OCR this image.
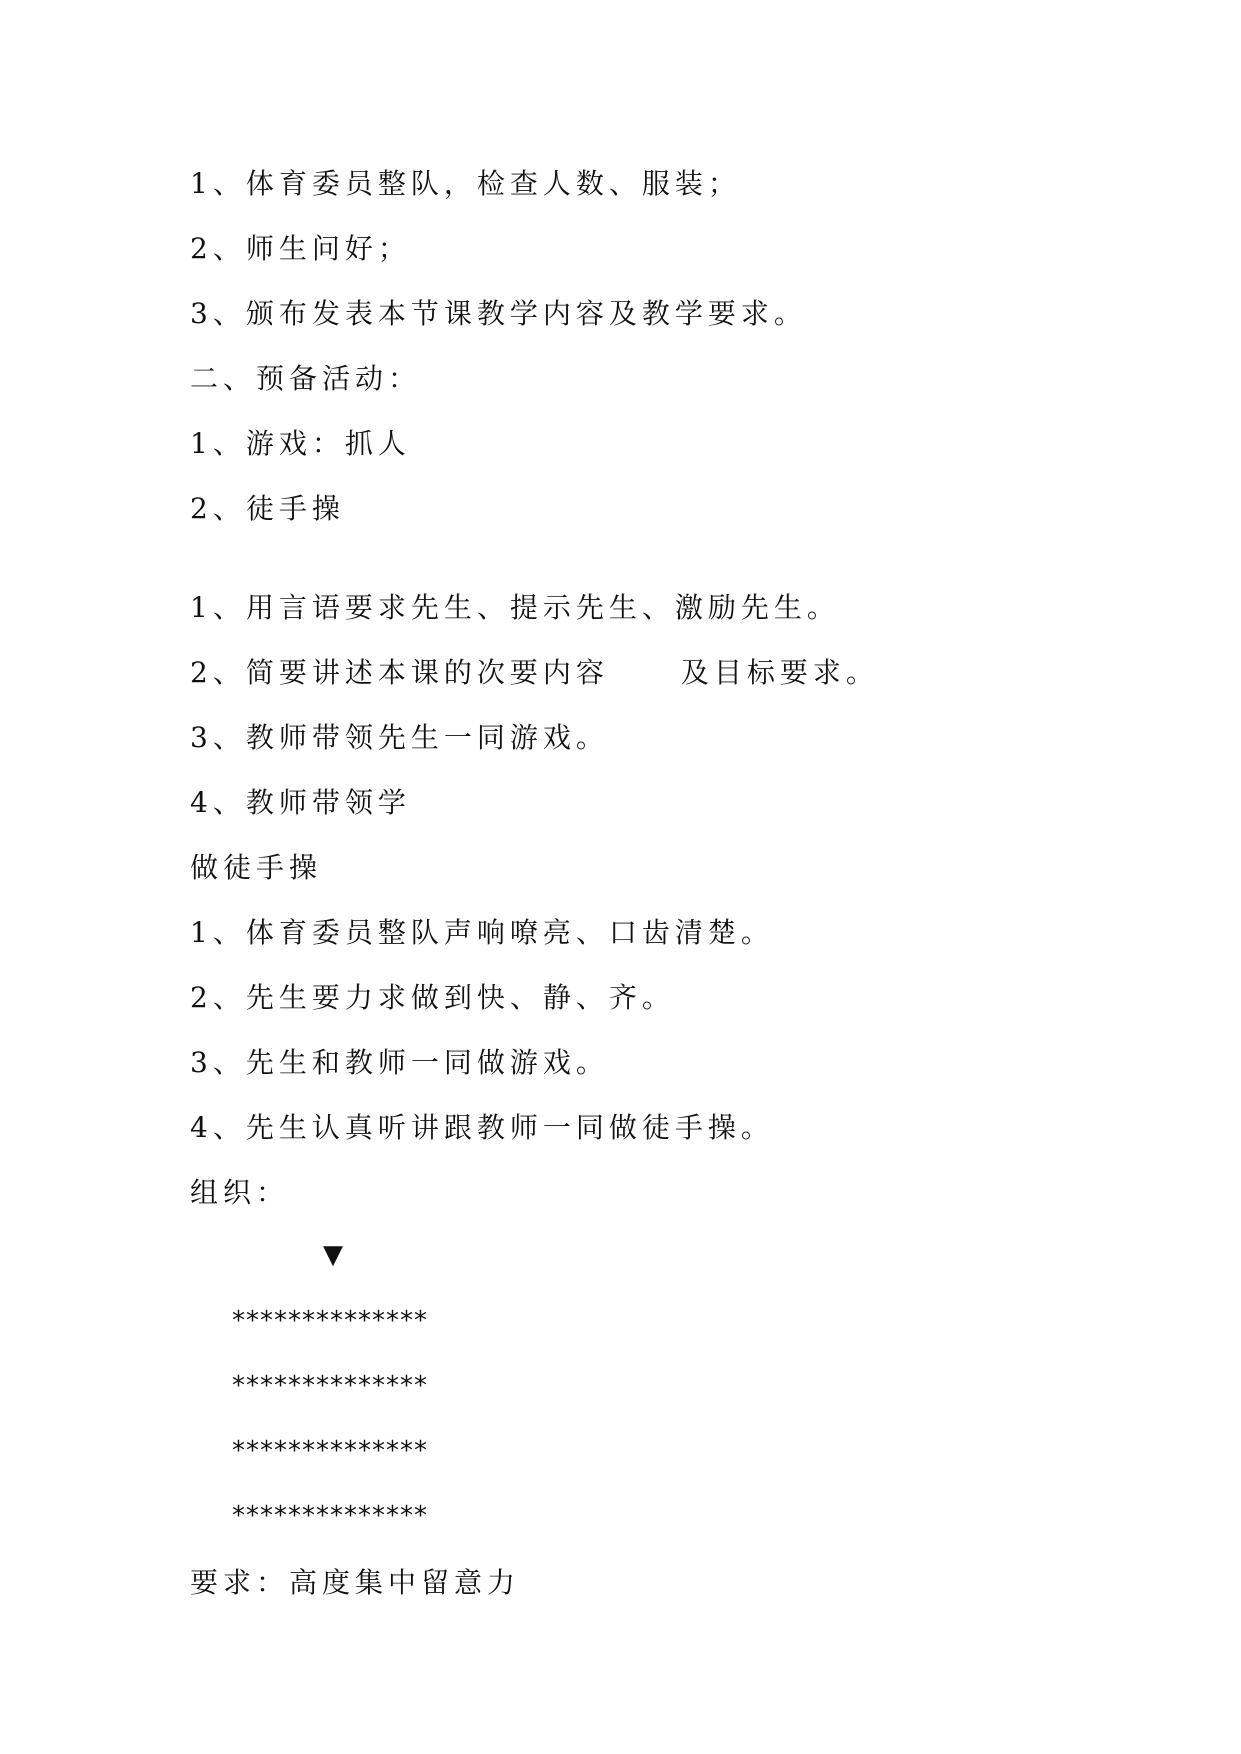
1、体育委员整队，检查人数、服装；
2、师生问好；
3、颁布发表本节课教学内容及教学要求。
二、预备活动：
1、游戏：抓人
2、徒手操
1、用言语要求先生、提示先生、激励先生。
2、简要讲述本课的次要内容	及目标要求。
3、教师带领先生一同游戏。
4、教师带领学
做徒手操
1、体育委员整队声响嘹亮、口齿清楚。
2、先生要力求做到快、静、齐。
3、先生和教师一同做游戏。
4、先生认真听讲跟教师一同做徒手操。
组织：
▼
**************
**************
**************
**************
要求：高度集中留意力
